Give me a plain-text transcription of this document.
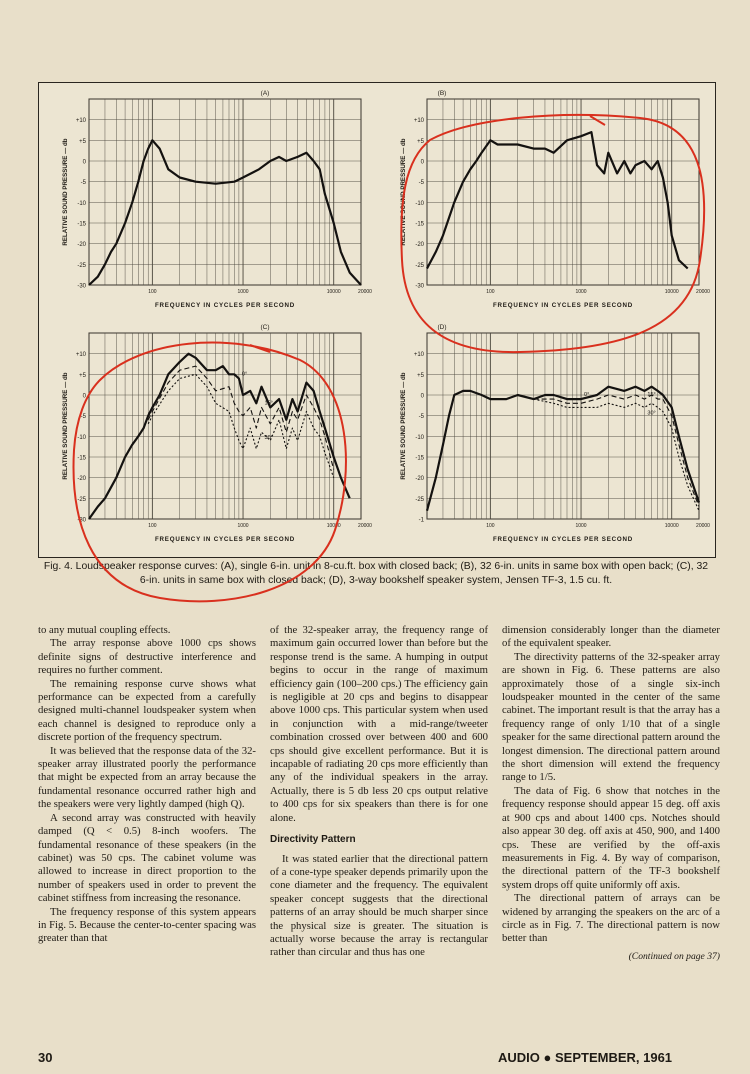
+10
+5
0
-5
-10
-15
-20
-25
-30
100	1000	10000	20000
FREQUENCY IN CYCLES PER SECOND
RELATIVE SOUND PRESSURE — db
(A)
+10
+5
0
-5
-10
-15
-20
-25
-30
100	1000	10000	20000
FREQUENCY IN CYCLES PER SECOND
RELATIVE SOUND PRESSURE — db
(B)
+10
+5
0
-5
-10
-15
-20
-25
-30
100	1000	10000	20000
FREQUENCY IN CYCLES PER SECOND
RELATIVE SOUND PRESSURE — db
(C)
0°
15°
30°
+10
+5
0
-5
-10
-15
-20
-25
-1
100	1000	10000	20000
FREQUENCY IN CYCLES PER SECOND
RELATIVE SOUND PRESSURE — db
(D)
0°	15°
30°
Fig. 4. Loudspeaker response curves: (A), single 6-in. unit in 8-cu.ft. box with closed back; (B), 32 6-in. units in same box with open back; (C), 32 6-in. units in same box with closed back; (D), 3-way bookshelf speaker system, Jensen TF-3, 1.5 cu. ft.

to any mutual coupling effects.

The array response above 1000 cps shows definite signs of destructive interference and requires no further comment.

The remaining response curve shows what performance can be expected from a carefully designed multi-channel loudspeaker system when each channel is designed to reproduce only a discrete portion of the frequency spectrum.

It was believed that the response data of the 32-speaker array illustrated poorly the performance that might be expected from an array because the fundamental resonance occurred rather high and the speakers were very lightly damped (high Q).

A second array was constructed with heavily damped (Q < 0.5) 8-inch woofers. The fundamental resonance of these speakers (in the cabinet) was 50 cps. The cabinet volume was allowed to increase in direct proportion to the number of speakers used in order to prevent the cabinet stiffness from increasing the resonance.

The frequency response of this system appears in Fig. 5. Because the center-to-center spacing was greater than that

of the 32-speaker array, the frequency range of maximum gain occurred lower than before but the response trend is the same. A humping in output begins to occur in the range of maximum efficiency gain (100–200 cps.) The efficiency gain is negligible at 20 cps and begins to disappear above 1000 cps. This particular system when used in conjunction with a mid-range/tweeter combination crossed over between 400 and 600 cps should give excellent performance. But it is incapable of radiating 20 cps more efficiently than any of the individual speakers in the array. Actually, there is 5 db less 20 cps output relative to 400 cps for six speakers than there is for one alone.

Directivity Pattern

It was stated earlier that the directional pattern of a cone-type speaker depends primarily upon the cone diameter and the frequency. The equivalent speaker concept suggests that the directional patterns of an array should be much sharper since the physical size is greater. The situation is actually worse because the array is rectangular rather than circular and thus has one

dimension considerably longer than the diameter of the equivalent speaker.

The directivity patterns of the 32-speaker array are shown in Fig. 6. These patterns are also approximately those of a single six-inch loudspeaker mounted in the center of the same cabinet. The important result is that the array has a frequency range of only 1/10 that of a single speaker for the same directional pattern around the longest dimension. The directional pattern around the short dimension will extend the frequency range to 1/5.

The data of Fig. 6 show that notches in the frequency response should appear 15 deg. off axis at 900 cps and about 1400 cps. Notches should also appear 30 deg. off axis at 450, 900, and 1400 cps. These are verified by the off-axis measurements in Fig. 4. By way of comparison, the directional pattern of the TF-3 bookshelf system drops off quite uniformly off axis.

The directional pattern of arrays can be widened by arranging the speakers on the arc of a circle as in Fig. 7. The directional pattern is now better than

(Continued on page 37)
30	AUDIO ● SEPTEMBER, 1961
